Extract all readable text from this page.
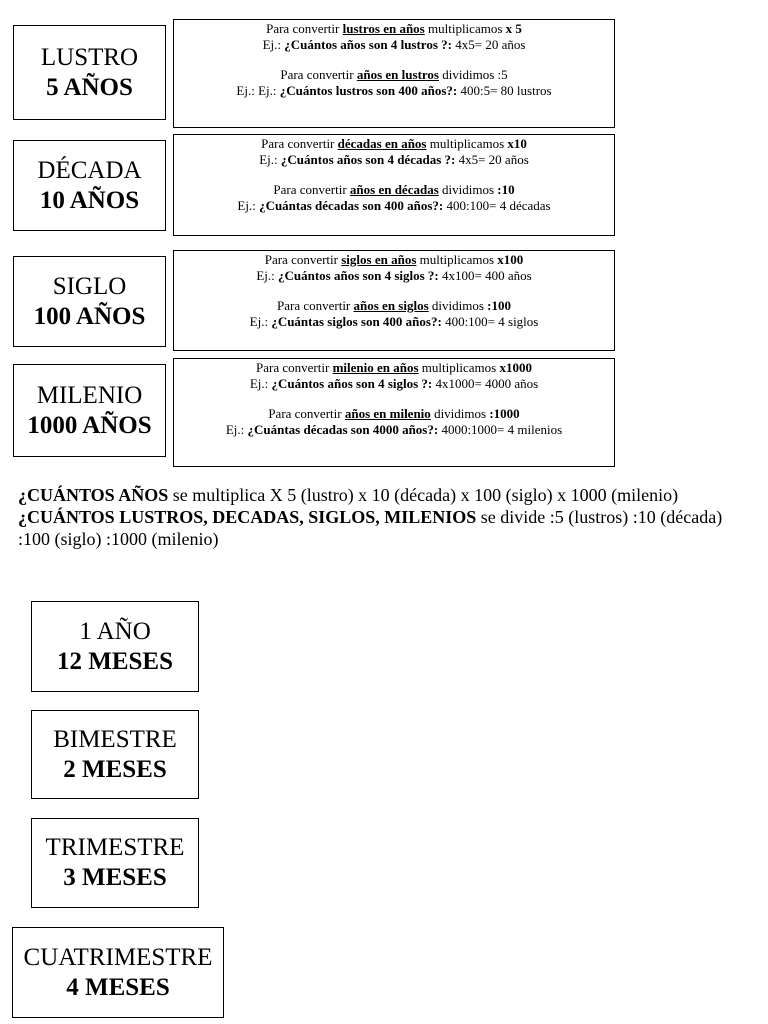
LUSTRO
5 AÑOS
DÉCADA
10 AÑOS
SIGLO
100 AÑOS
MILENIO
1000 AÑOS

Para convertir lustros en años multiplicamos x 5

Ej.: ¿Cuántos años son 4 lustros ?: 4x5= 20 años

Para convertir años en lustros dividimos :5

Ej.: Ej.: ¿Cuántos lustros son 400 años?: 400:5= 80 lustros

Para convertir décadas en años multiplicamos x10

Ej.: ¿Cuántos años son 4 décadas ?: 4x5= 20 años

Para convertir años en décadas dividimos :10

Ej.: ¿Cuántas décadas son 400 años?: 400:100= 4 décadas

Para convertir siglos en años multiplicamos x100

Ej.: ¿Cuántos años son 4 siglos ?: 4x100= 400 años

Para convertir años en siglos dividimos :100

Ej.: ¿Cuántas siglos son 400 años?: 400:100= 4 siglos

Para convertir milenio en años multiplicamos x1000

Ej.: ¿Cuántos años son 4 siglos ?: 4x1000= 4000 años

Para convertir años en milenio dividimos :1000

Ej.: ¿Cuántas décadas son 4000 años?: 4000:1000= 4 milenios

¿CUÁNTOS AÑOS se multiplica X 5 (lustro) x 10 (década) x 100 (siglo) x 1000 (milenio)

¿CUÁNTOS LUSTROS, DECADAS, SIGLOS, MILENIOS se divide :5 (lustros) :10 (década)

:100 (siglo) :1000 (milenio)

1 AÑO
12 MESES
BIMESTRE
2 MESES
TRIMESTRE
3 MESES
CUATRIMESTRE
4 MESES
